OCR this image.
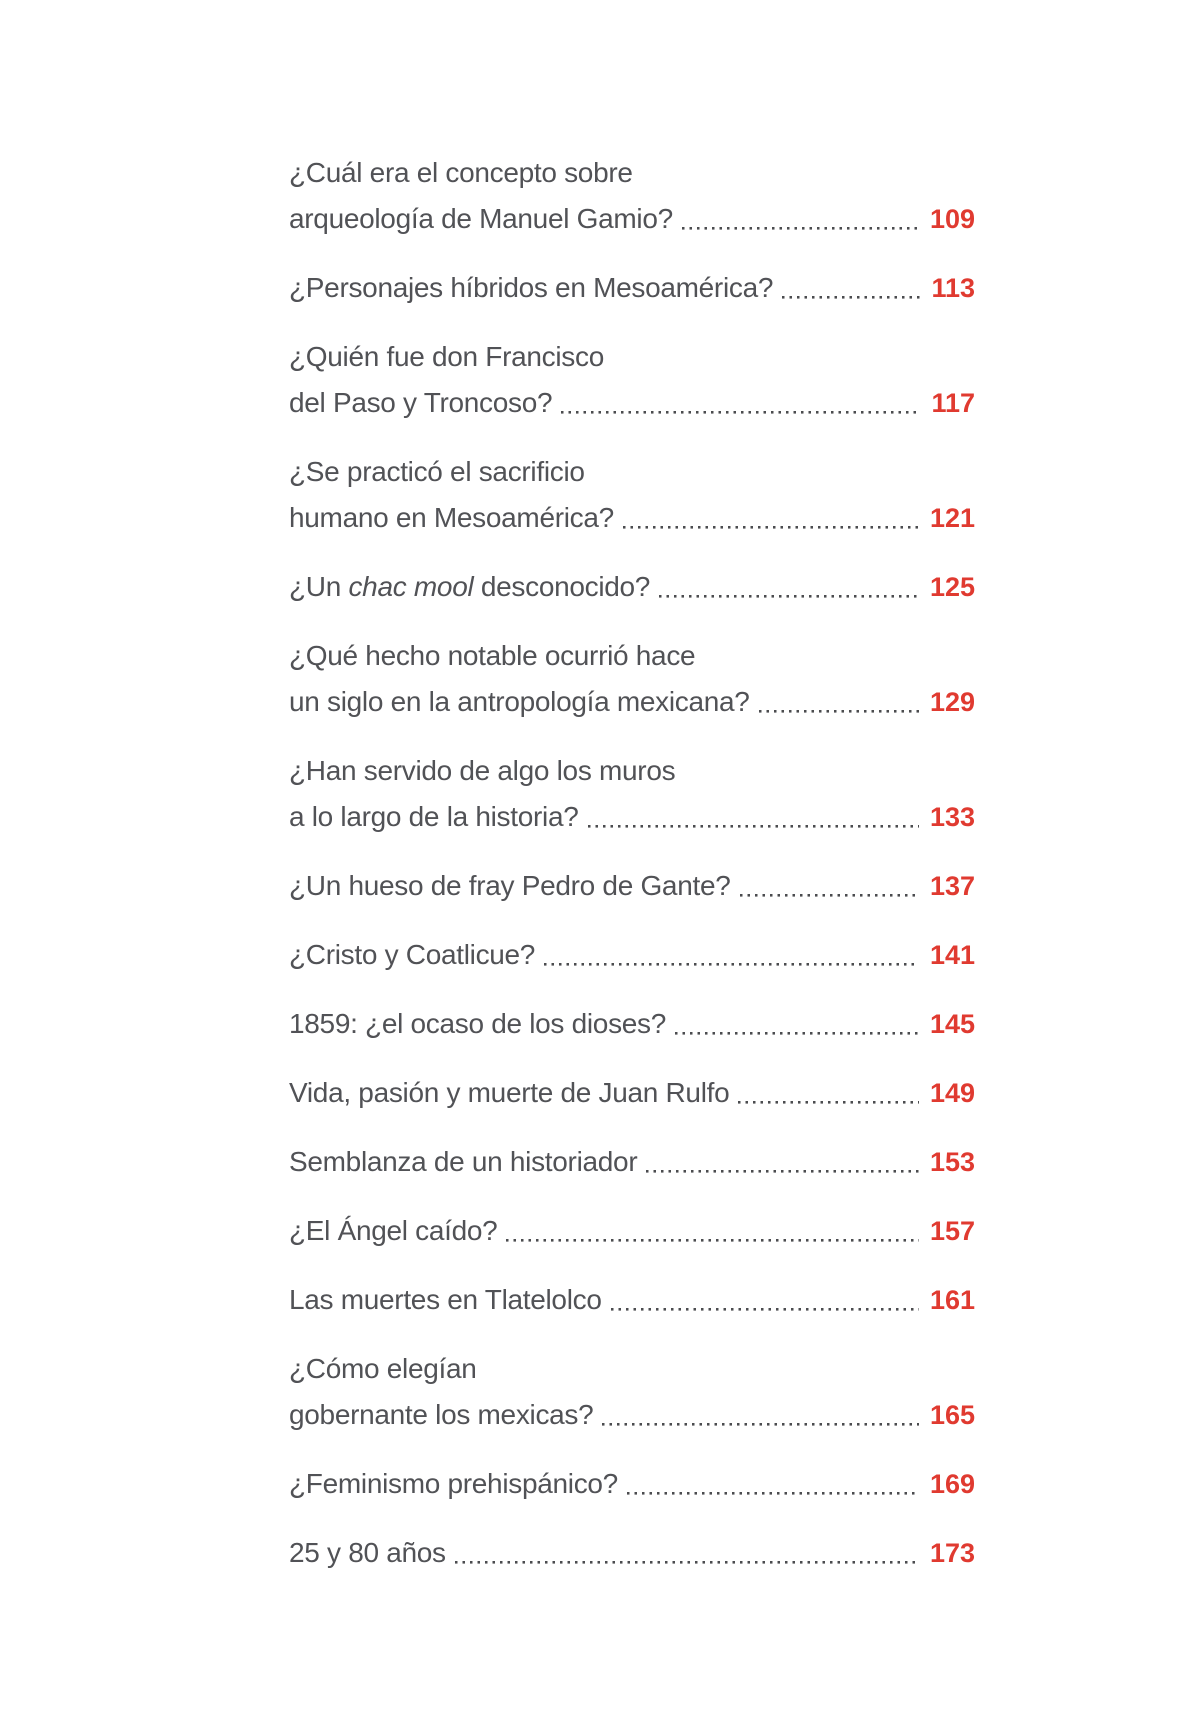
¿Cuál era el concepto sobre
arqueología de Manuel Gamio?	109
¿Personajes híbridos en Mesoamérica?	113
¿Quién fue don Francisco
del Paso y Troncoso?	117
¿Se practicó el sacrificio
humano en Mesoamérica?	121
¿Un chac mool desconocido?	125
¿Qué hecho notable ocurrió hace
un siglo en la antropología mexicana?	129
¿Han servido de algo los muros
a lo largo de la historia?	133
¿Un hueso de fray Pedro de Gante?	137
¿Cristo y Coatlicue?	141
1859: ¿el ocaso de los dioses?	145
Vida, pasión y muerte de Juan Rulfo	149
Semblanza de un historiador	153
¿El Ángel caído?	157
Las muertes en Tlatelolco	161
¿Cómo elegían
gobernante los mexicas?	165
¿Feminismo prehispánico?	169
25 y 80 años	173
